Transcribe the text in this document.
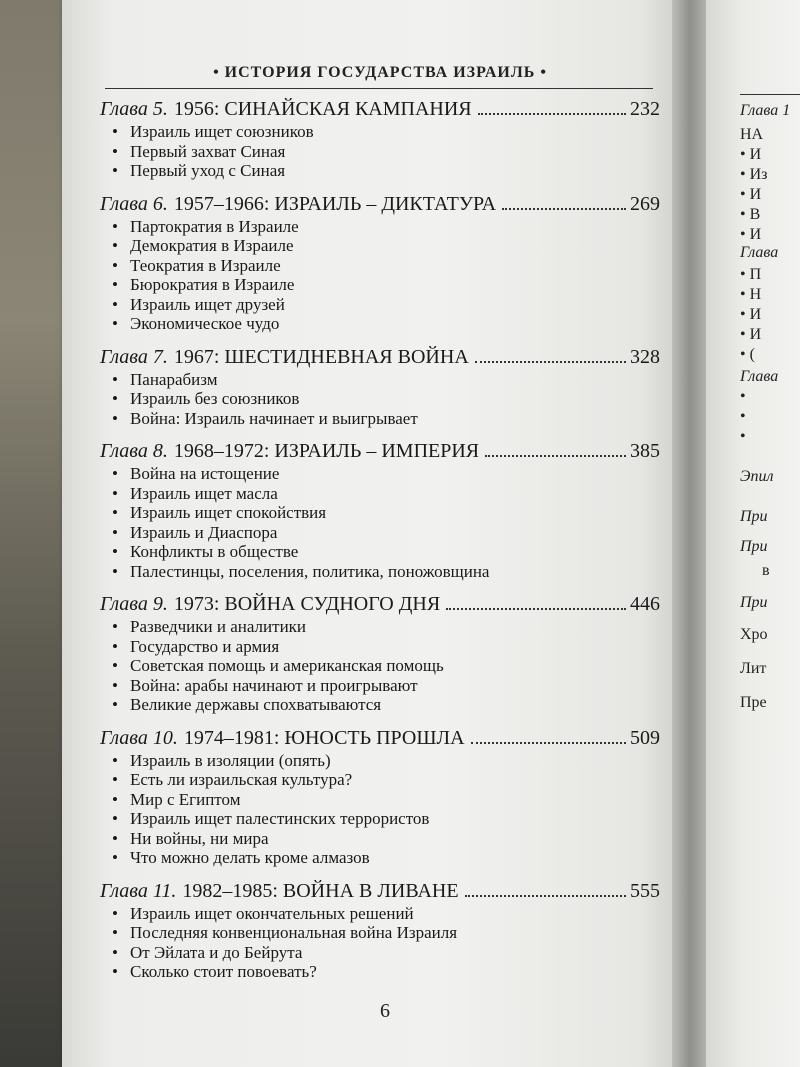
Глава 1
НА
• И
• Из
• И
• В
• И
Глава
• П
• Н
• И
• И
• (
Глава
•
•
•
Эпил
При
При
в
При
Хро
Лит
Пре
• ИСТОРИЯ ГОСУДАРСТВА ИЗРАИЛЬ •
Глава 5. 1956: СИНАЙСКАЯ КАМПАНИЯ	232
• Израиль ищет союзников
• Первый захват Синая
• Первый уход с Синая
Глава 6. 1957–1966: ИЗРАИЛЬ – ДИКТАТУРА	269
• Партократия в Израиле
• Демократия в Израиле
• Теократия в Израиле
• Бюрократия в Израиле
• Израиль ищет друзей
• Экономическое чудо
Глава 7. 1967: ШЕСТИДНЕВНАЯ ВОЙНА	328
• Панарабизм
• Израиль без союзников
• Война: Израиль начинает и выигрывает
Глава 8. 1968–1972: ИЗРАИЛЬ – ИМПЕРИЯ	385
• Война на истощение
• Израиль ищет масла
• Израиль ищет спокойствия
• Израиль и Диаспора
• Конфликты в обществе
• Палестинцы, поселения, политика, поножовщина
Глава 9. 1973: ВОЙНА СУДНОГО ДНЯ	446
• Разведчики и аналитики
• Государство и армия
• Советская помощь и американская помощь
• Война: арабы начинают и проигрывают
• Великие державы спохватываются
Глава 10. 1974–1981: ЮНОСТЬ ПРОШЛА	509
• Израиль в изоляции (опять)
• Есть ли израильская культура?
• Мир с Египтом
• Израиль ищет палестинских террористов
• Ни войны, ни мира
• Что можно делать кроме алмазов
Глава 11. 1982–1985: ВОЙНА В ЛИВАНЕ	555
• Израиль ищет окончательных решений
• Последняя конвенциональная война Израиля
• От Эйлата и до Бейрута
• Сколько стоит повоевать?
6
